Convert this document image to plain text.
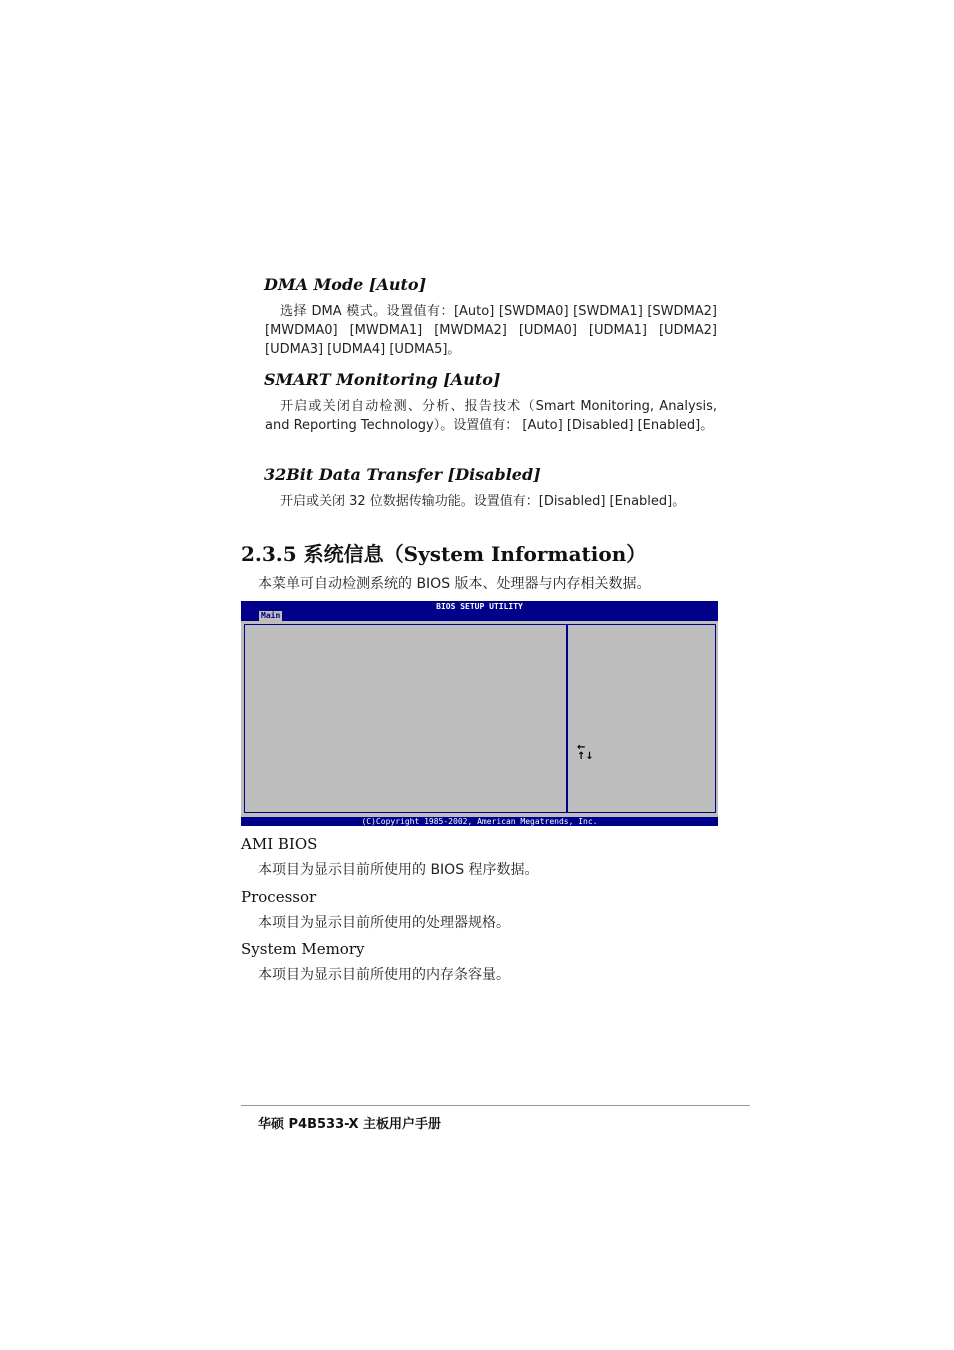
DMA Mode [Auto]
选择 DMA 模式。设置值有：[Auto] [SWDMA0] [SWDMA1] [SWDMA2] [MWDMA0] [MWDMA1] [MWDMA2] [UDMA0] [UDMA1] [UDMA2] [UDMA3] [UDMA4] [UDMA5]。
SMART Monitoring [Auto]
开启或关闭自动检测、分析、报告技术（Smart Monitoring, Analysis, and Reporting Technology）。设置值有： [Auto] [Disabled] [Enabled]。
32Bit Data Transfer [Disabled]
开启或关闭 32 位数据传输功能。设置值有：[Disabled] [Enabled]。
2.3.5 系统信息（System Information）
本菜单可自动检测系统的 BIOS 版本、处理器与内存相关数据。
BIOS SETUP UTILITY
Main
←
↑↓
(C)Copyright 1985-2002, American Megatrends, Inc.
AMI BIOS
本项目为显示目前所使用的 BIOS 程序数据。
Processor
本项目为显示目前所使用的处理器规格。
System Memory
本项目为显示目前所使用的内存条容量。
华硕 P4B533-X 主板用户手册
